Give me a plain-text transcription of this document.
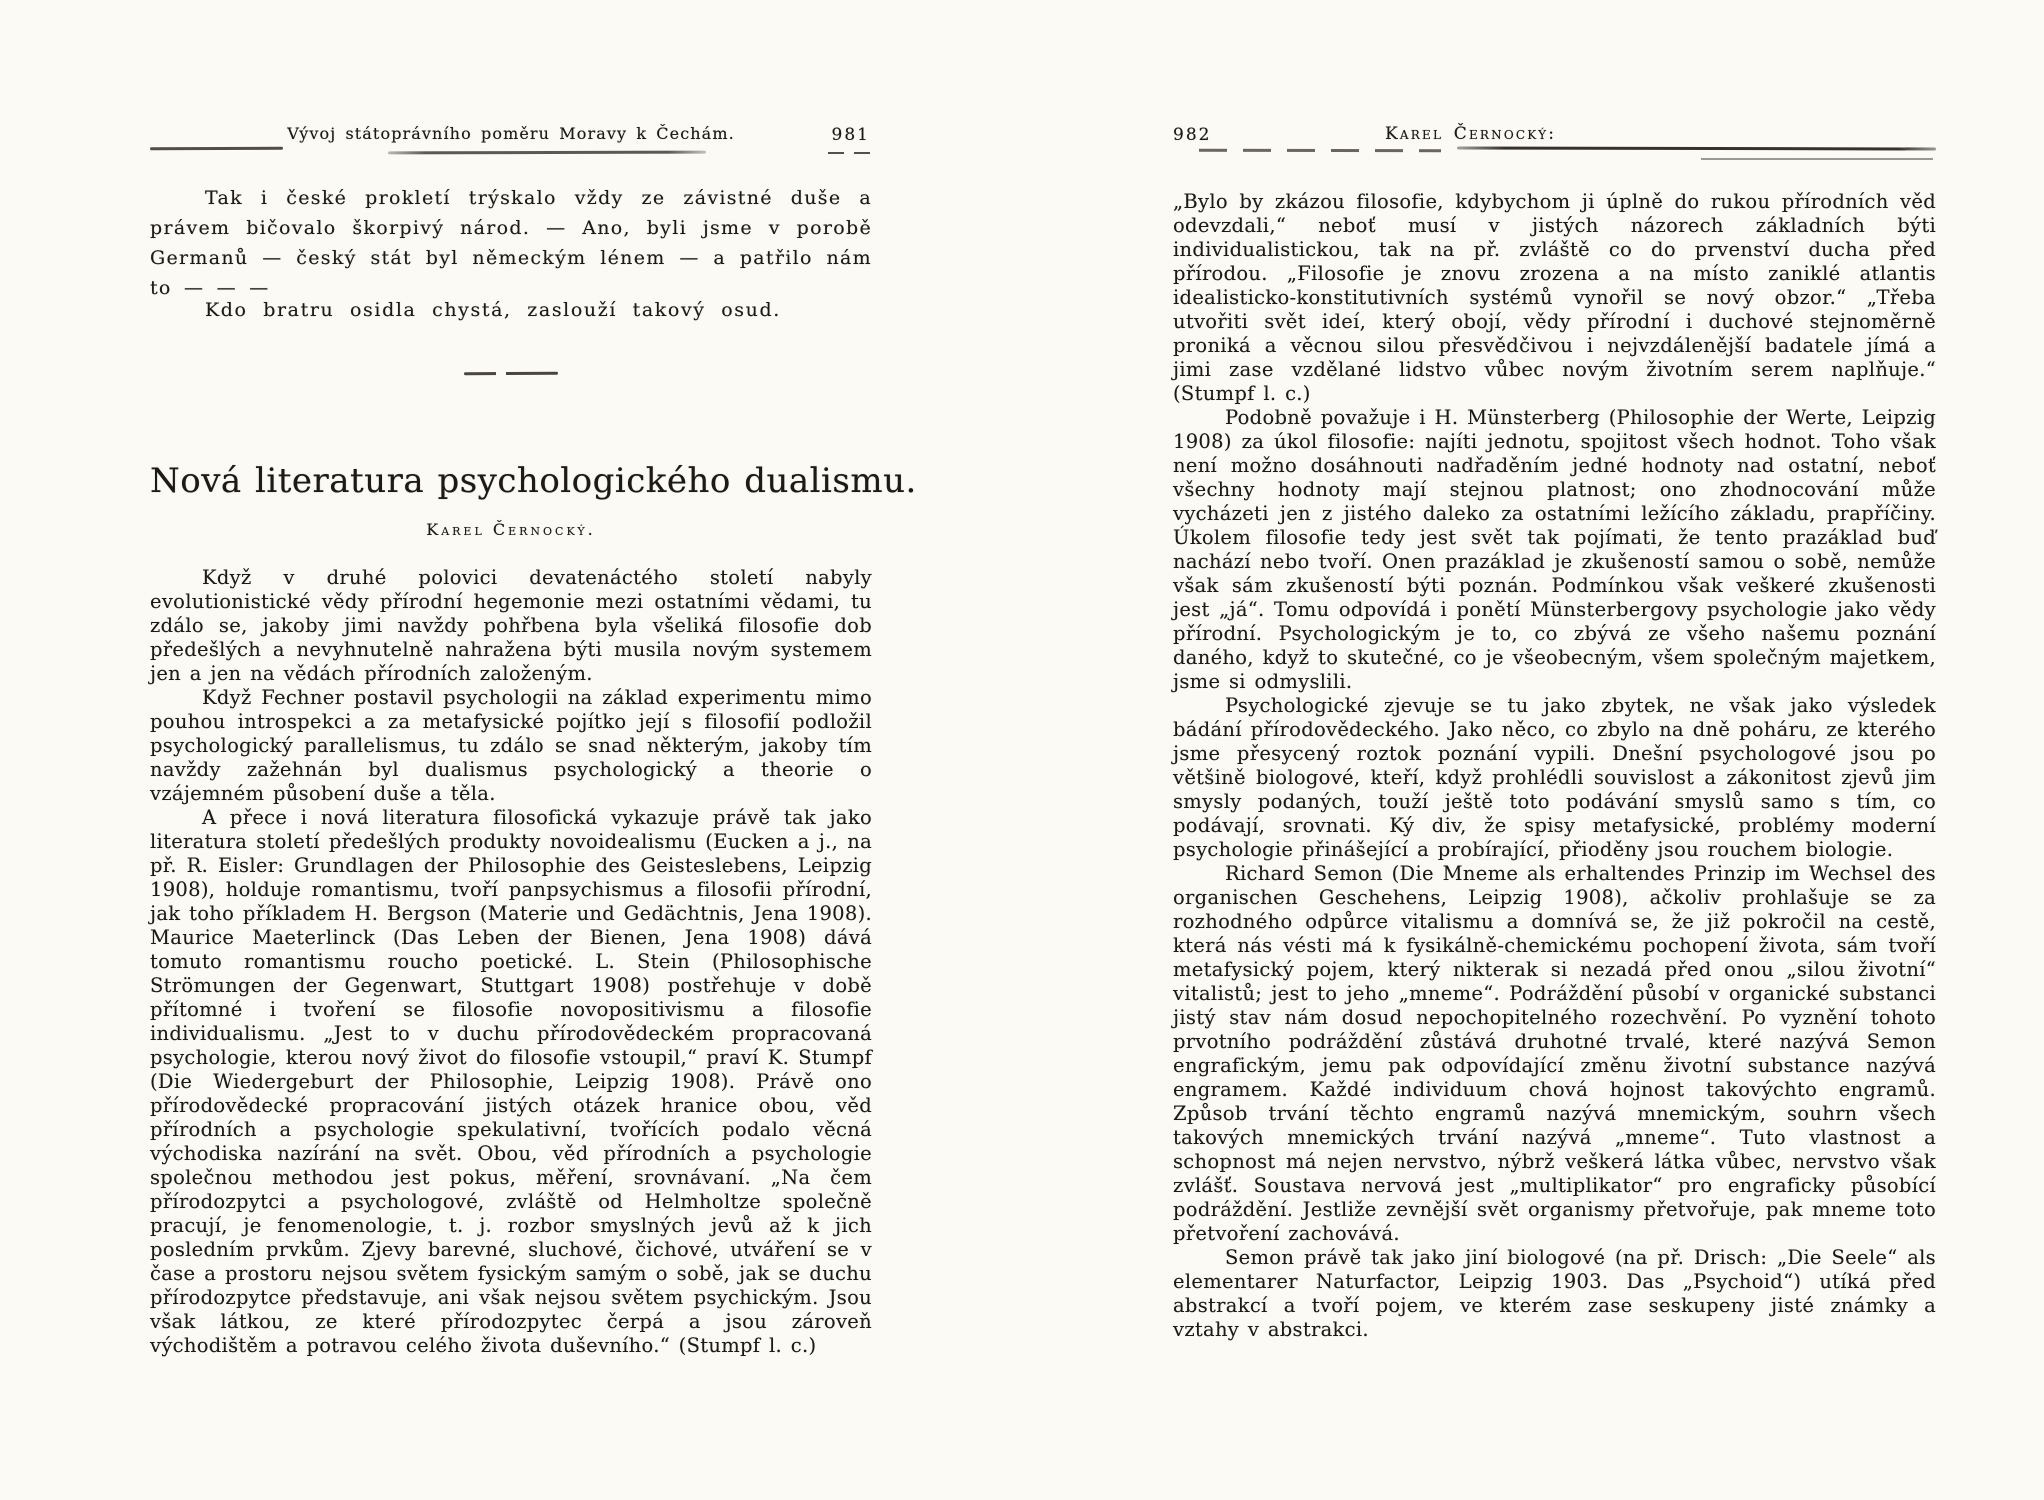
Vývoj státoprávního poměru Moravy k Čechám.	981

Tak i české prokletí trýskalo vždy ze závistné duše a právem bičovalo škorpivý národ. — Ano, byli jsme v porobě Germanů — český stát byl německým lénem — a patřilo nám to — — —

Kdo bratru osidla chystá, zaslouží takový osud.
Nová literatura psychologického dualismu.
Karel Černocký.

Když v druhé polovici devatenáctého století nabyly evolutionistické vědy přírodní hegemonie mezi ostatními vědami, tu zdálo se, jakoby jimi navždy pohřbena byla všeliká filosofie dob předešlých a nevyhnutelně nahražena býti musila novým systemem jen a jen na vědách přírodních založeným.

Když Fechner postavil psychologii na základ experimentu mimo pouhou introspekci a za metafysické pojítko její s filosofií podložil psychologický parallelismus, tu zdálo se snad některým, jakoby tím navždy zažehnán byl dualismus psychologický a theorie o vzájemném působení duše a těla.

A přece i nová literatura filosofická vykazuje právě tak jako literatura století předešlých produkty novoidealismu (Eucken a j., na př. R. Eisler: Grundlagen der Philosophie des Geisteslebens, Leipzig 1908), holduje romantismu, tvoří panpsychismus a filosofii přírodní, jak toho příkladem H. Bergson (Materie und Gedächtnis, Jena 1908). Maurice Maeterlinck (Das Leben der Bienen, Jena 1908) dává tomuto romantismu roucho poetické. L. Stein (Philosophische Strömungen der Gegenwart, Stuttgart 1908) postřehuje v době přítomné i tvoření se filosofie novopositivismu a filosofie individualismu. „Jest to v duchu přírodovědeckém propracovaná psychologie, kterou nový život do filosofie vstoupil,“ praví K. Stumpf (Die Wiedergeburt der Philosophie, Leipzig 1908). Právě ono přírodovědecké propracování jistých otázek hranice obou, věd přírodních a psychologie spekulativní, tvořících podalo věcná východiska nazírání na svět. Obou, věd přírodních a psychologie společnou methodou jest pokus, měření, srovnávaní. „Na čem přírodozpytci a psychologové, zvláště od Helmholtze společně pracují, je fenomenologie, t. j. rozbor smyslných jevů až k jich posledním prvkům. Zjevy barevné, sluchové, čichové, utváření se v čase a prostoru nejsou světem fysickým samým o sobě, jak se duchu přírodozpytce představuje, ani však nejsou světem psychickým. Jsou však látkou, ze které přírodozpytec čerpá a jsou zároveň východištěm a potravou celého života duševního.“ (Stumpf l. c.)

982	Karel Černocký:

„Bylo by zkázou filosofie, kdybychom ji úplně do rukou přírodních věd odevzdali,“ neboť musí v jistých názorech základních býti individualistickou, tak na př. zvláště co do prvenství ducha před přírodou. „Filosofie je znovu zrozena a na místo zaniklé atlantis idealisticko-konstitutivních systémů vynořil se nový obzor.“ „Třeba utvořiti svět ideí, který obojí, vědy přírodní i duchové stejnoměrně proniká a věcnou silou přesvědčivou i nejvzdálenější badatele jímá a jimi zase vzdělané lidstvo vůbec novým životním serem naplňuje.“ (Stumpf l. c.)

Podobně považuje i H. Münsterberg (Philosophie der Werte, Leipzig 1908) za úkol filosofie: najíti jednotu, spojitost všech hodnot. Toho však není možno dosáhnouti nadřaděním jedné hodnoty nad ostatní, neboť všechny hodnoty mají stejnou platnost; ono zhodnocování může vycházeti jen z jistého daleko za ostatními ležícího základu, prapříčiny. Úkolem filosofie tedy jest svět tak pojímati, že tento prazáklad buď nachází nebo tvoří. Onen prazáklad je zkušeností samou o sobě, nemůže však sám zkušeností býti poznán. Podmínkou však veškeré zkušenosti jest „já“. Tomu odpovídá i ponětí Münsterbergovy psychologie jako vědy přírodní. Psychologickým je to, co zbývá ze všeho našemu poznání daného, když to skutečné, co je všeobecným, všem společným majetkem, jsme si odmyslili.

Psychologické zjevuje se tu jako zbytek, ne však jako výsledek bádání přírodovědeckého. Jako něco, co zbylo na dně poháru, ze kterého jsme přesycený roztok poznání vypili. Dnešní psychologové jsou po většině biologové, kteří, když prohlédli souvislost a zákonitost zjevů jim smysly podaných, touží ještě toto podávání smyslů samo s tím, co podávají, srovnati. Ký div, že spisy metafysické, problémy moderní psychologie přinášející a probírající, přioděny jsou rouchem biologie.

Richard Semon (Die Mneme als erhaltendes Prinzip im Wechsel des organischen Geschehens, Leipzig 1908), ačkoliv prohlašuje se za rozhodného odpůrce vitalismu a domnívá se, že již pokročil na cestě, která nás vésti má k fysikálně-chemickému pochopení života, sám tvoří metafysický pojem, který nikterak si nezadá před onou „silou životní“ vitalistů; jest to jeho „mneme“. Podráždění působí v organické substanci jistý stav nám dosud nepochopitelného rozechvění. Po vyznění tohoto prvotního podráždění zůstává druhotné trvalé, které nazývá Semon engrafickým, jemu pak odpovídající změnu životní substance nazývá engramem. Každé individuum chová hojnost takovýchto engramů. Způsob trvání těchto engramů nazývá mnemickým, souhrn všech takových mnemických trvání nazývá „mneme“. Tuto vlastnost a schopnost má nejen nervstvo, nýbrž veškerá látka vůbec, nervstvo však zvlášť. Soustava nervová jest „multiplikator“ pro engraficky působící podráždění. Jestliže zevnější svět organismy přetvořuje, pak mneme toto přetvoření zachovává.

Semon právě tak jako jiní biologové (na př. Drisch: „Die Seele“ als elementarer Naturfactor, Leipzig 1903. Das „Psychoid“) utíká před abstrakcí a tvoří pojem, ve kterém zase seskupeny jisté známky a vztahy v abstrakci.
